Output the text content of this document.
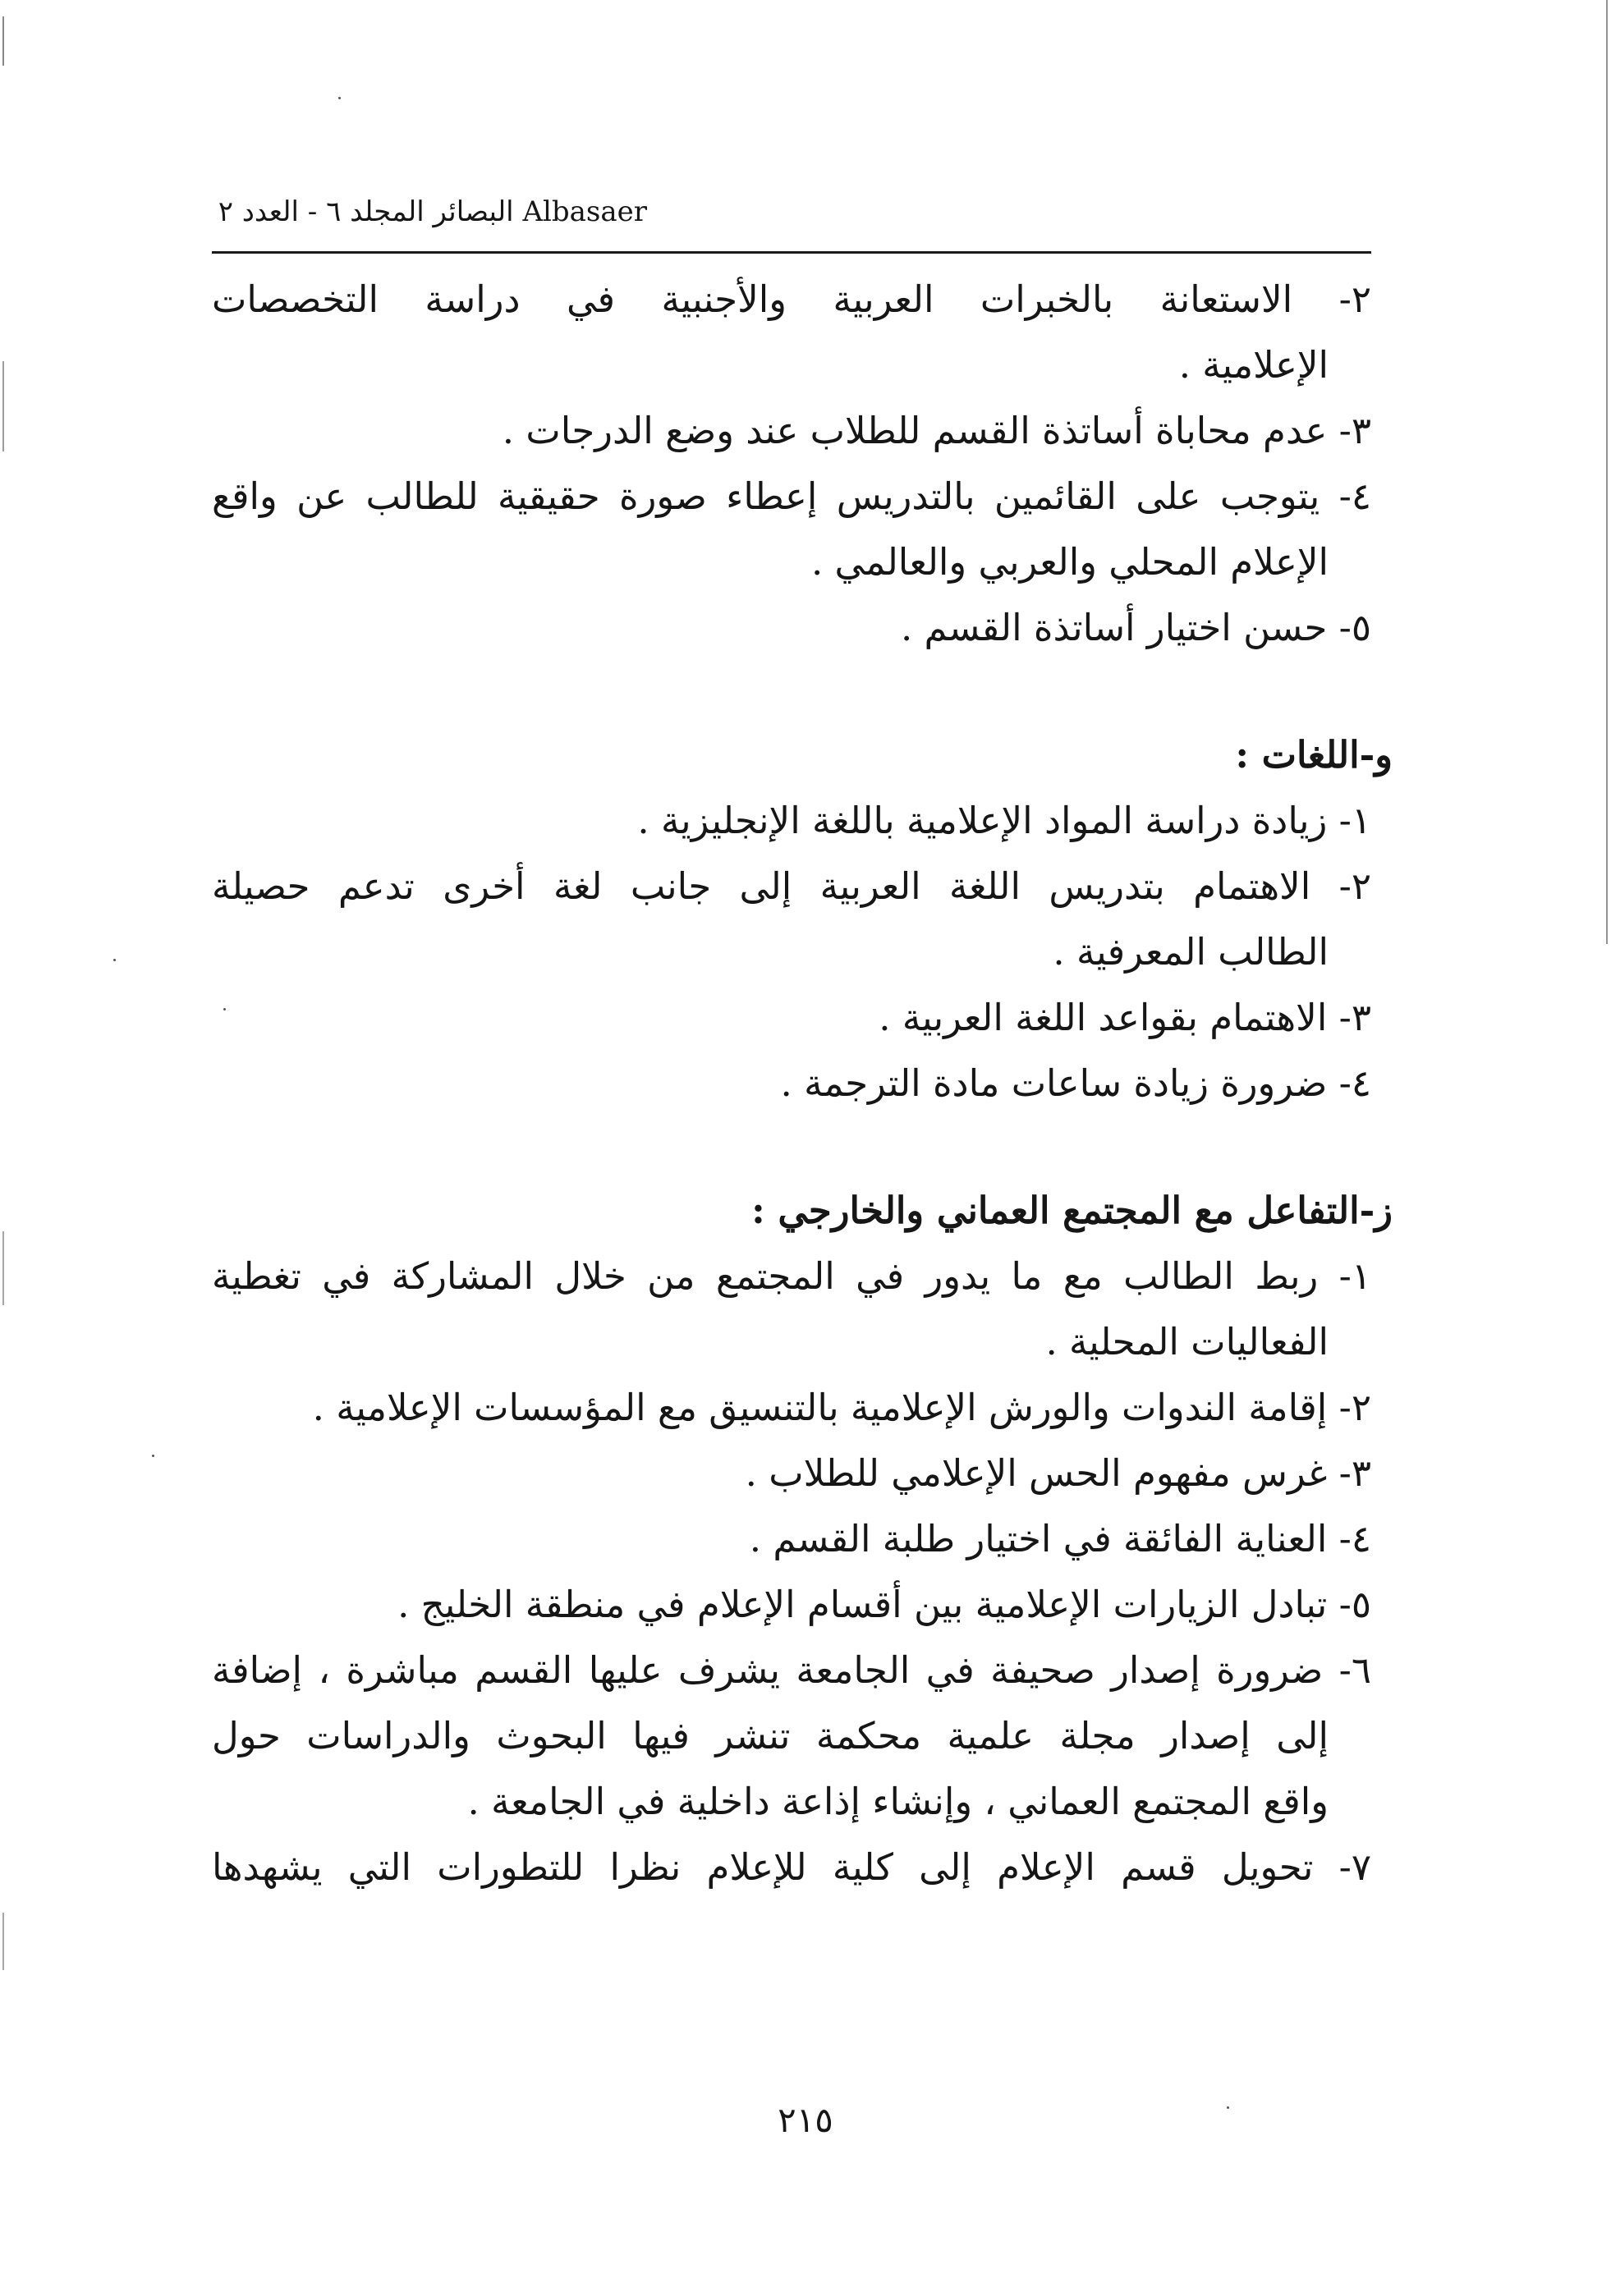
Albasaer البصائر المجلد ٦ - العدد ٢
٢- الاستعانة بالخبرات العربية والأجنبية في دراسة التخصصات
الإعلامية .
٣- عدم محاباة أساتذة القسم للطلاب عند وضع الدرجات .
٤- يتوجب على القائمين بالتدريس إعطاء صورة حقيقية للطالب عن واقع
الإعلام المحلي والعربي والعالمي .
٥- حسن اختيار أساتذة القسم .
و-اللغات :
١- زيادة دراسة المواد الإعلامية باللغة الإنجليزية .
٢- الاهتمام بتدريس اللغة العربية إلى جانب لغة أخرى تدعم حصيلة
الطالب المعرفية .
٣- الاهتمام بقواعد اللغة العربية .
٤- ضرورة زيادة ساعات مادة الترجمة .
ز-التفاعل مع المجتمع العماني والخارجي :
١- ربط الطالب مع ما يدور في المجتمع من خلال المشاركة في تغطية
الفعاليات المحلية .
٢- إقامة الندوات والورش الإعلامية بالتنسيق مع المؤسسات الإعلامية .
٣- غرس مفهوم الحس الإعلامي للطلاب .
٤- العناية الفائقة في اختيار طلبة القسم .
٥- تبادل الزيارات الإعلامية بين أقسام الإعلام في منطقة الخليج .
٦- ضرورة إصدار صحيفة في الجامعة يشرف عليها القسم مباشرة ، إضافة
إلى إصدار مجلة علمية محكمة تنشر فيها البحوث والدراسات حول
واقع المجتمع العماني ، وإنشاء إذاعة داخلية في الجامعة .
٧- تحويل قسم الإعلام إلى كلية للإعلام نظرا للتطورات التي يشهدها
٢١٥
